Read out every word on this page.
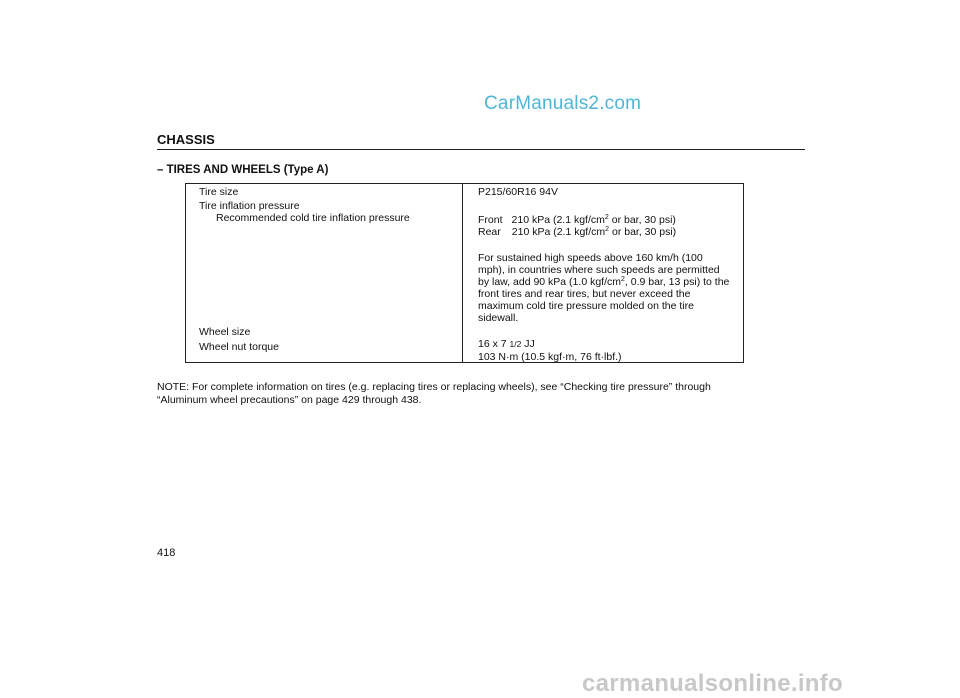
CarManuals2.com
CHASSIS
– TIRES AND WHEELS (Type A)
Tire size
Tire inflation pressure
Recommended cold tire inflation pressure
Wheel size
Wheel nut torque
P215/60R16 94V
Front 210 kPa (2.1 kgf/$cm^2$ or bar, 30 psi)
Rear 210 kPa (2.1 kgf/$cm^2$ or bar, 30 psi)
For sustained high speeds above 160 km/h (100
mph), in countries where such speeds are permitted
by law, add 90 kPa (1.0 kgf/$cm^2$, 0.9 bar, 13 psi) to the
front tires and rear tires, but never exceed the
maximum cold tire pressure molded on the tire
sidewall.
16 x 7 1/2 JJ
103 N·m (10.5 kgf·m, 76 ft·lbf.)
NOTE: For complete information on tires (e.g. replacing tires or replacing wheels), see “Checking tire pressure” through
“Aluminum wheel precautions” on page 429 through 438.
418
carmanualsonline.info
